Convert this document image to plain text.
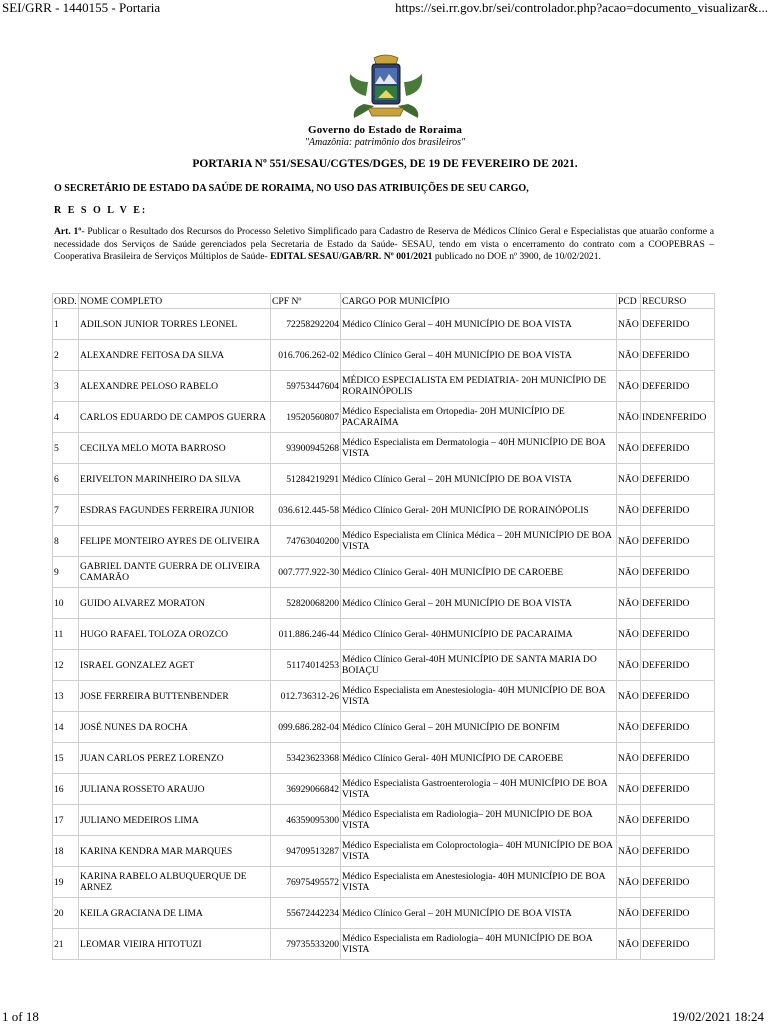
SEI/GRR - 1440155 - Portaria	https://sei.rr.gov.br/sei/controlador.php?acao=documento_visualizar&...
Governo do Estado de Roraima
"Amazônia: patrimônio dos brasileiros"
PORTARIA Nº 551/SESAU/CGTES/DGES, DE 19 DE FEVEREIRO DE 2021.
O SECRETÁRIO DE ESTADO DA SAÚDE DE RORAIMA, NO USO DAS ATRIBUIÇÕES DE SEU CARGO,
R E S O L V E:
Art. 1º- Publicar o Resultado dos Recursos do Processo Seletivo Simplificado para Cadastro de Reserva de Médicos Clínico Geral e Especialistas que atuarão conforme a necessidade dos Serviços de Saúde gerenciados pela Secretaria de Estado da Saúde- SESAU, tendo em vista o encerramento do contrato com a COOPEBRAS – Cooperativa Brasileira de Serviços Múltiplos de Saúde- EDITAL SESAU/GAB/RR. Nº 001/2021 publicado no DOE nº 3900, de 10/02/2021.
ORD.	NOME COMPLETO	CPF Nº	CARGO POR MUNICÍPIO	PCD	RECURSO
1	ADILSON JUNIOR TORRES LEONEL	72258292204	Médico Clínico Geral – 40H MUNICÍPIO DE BOA VISTA	NÃO	DEFERIDO
2	ALEXANDRE FEITOSA DA SILVA	016.706.262-02	Médico Clínico Geral – 40H MUNICÍPIO DE BOA VISTA	NÃO	DEFERIDO
3	ALEXANDRE PELOSO RABELO	59753447604	MÉDICO ESPECIALISTA EM PEDIATRIA- 20H MUNICÍPIO DE RORAINÓPOLIS	NÃO	DEFERIDO
4	CARLOS EDUARDO DE CAMPOS GUERRA	19520560807	Médico Especialista em Ortopedia- 20H MUNICÍPIO DE PACARAIMA	NÃO	INDENFERIDO
5	CECILYA MELO MOTA BARROSO	93900945268	Médico Especialista em Dermatologia – 40H MUNICÍPIO DE BOA VISTA	NÃO	DEFERIDO
6	ERIVELTON MARINHEIRO DA SILVA	51284219291	Médico Clínico Geral – 20H MUNICÍPIO DE BOA VISTA	NÃO	DEFERIDO
7	ESDRAS FAGUNDES FERREIRA JUNIOR	036.612.445-58	Médico Clínico Geral- 20H MUNICÍPIO DE RORAINÓPOLIS	NÃO	DEFERIDO
8	FELIPE MONTEIRO AYRES DE OLIVEIRA	74763040200	Médico Especialista em Clínica Médica – 20H MUNICÍPIO DE BOA VISTA	NÃO	DEFERIDO
9	GABRIEL DANTE GUERRA DE OLIVEIRA CAMARÃO	007.777.922-30	Médico Clínico Geral- 40H MUNICÍPIO DE CAROEBE	NÃO	DEFERIDO
10	GUIDO ALVAREZ MORATON	52820068200	Médico Clínico Geral – 20H MUNICÍPIO DE BOA VISTA	NÃO	DEFERIDO
11	HUGO RAFAEL TOLOZA OROZCO	011.886.246-44	Médico Clínico Geral- 40HMUNICÍPIO DE PACARAIMA	NÃO	DEFERIDO
12	ISRAEL GONZALEZ AGET	51174014253	Médico Clínico Geral-40H MUNICÍPIO DE SANTA MARIA DO BOIAÇU	NÃO	DEFERIDO
13	JOSE FERREIRA BUTTENBENDER	012.736312-26	Médico Especialista em Anestesiologia- 40H MUNICÍPIO DE BOA VISTA	NÃO	DEFERIDO
14	JOSÉ NUNES DA ROCHA	099.686.282-04	Médico Clínico Geral – 20H MUNICÍPIO DE BONFIM	NÃO	DEFERIDO
15	JUAN CARLOS PEREZ LORENZO	53423623368	Médico Clínico Geral- 40H MUNICÍPIO DE CAROEBE	NÃO	DEFERIDO
16	JULIANA ROSSETO ARAUJO	36929066842	Médico Especialista Gastroenterologia – 40H MUNICÍPIO DE BOA VISTA	NÃO	DEFERIDO
17	JULIANO MEDEIROS LIMA	46359095300	Médico Especialista em Radiologia– 20H MUNICÍPIO DE BOA VISTA	NÃO	DEFERIDO
18	KARINA KENDRA MAR MARQUES	94709513287	Médico Especialista em Coloproctologia– 40H MUNICÍPIO DE BOA VISTA	NÃO	DEFERIDO
19	KARINA RABELO ALBUQUERQUE DE ARNEZ	76975495572	Médico Especialista em Anestesiologia- 40H MUNICÍPIO DE BOA VISTA	NÃO	DEFERIDO
20	KEILA GRACIANA DE LIMA	55672442234	Médico Clínico Geral – 20H MUNICÍPIO DE BOA VISTA	NÃO	DEFERIDO
21	LEOMAR VIEIRA HITOTUZI	79735533200	Médico Especialista em Radiologia– 40H MUNICÍPIO DE BOA VISTA	NÃO	DEFERIDO
1 of 18	19/02/2021 18:24
